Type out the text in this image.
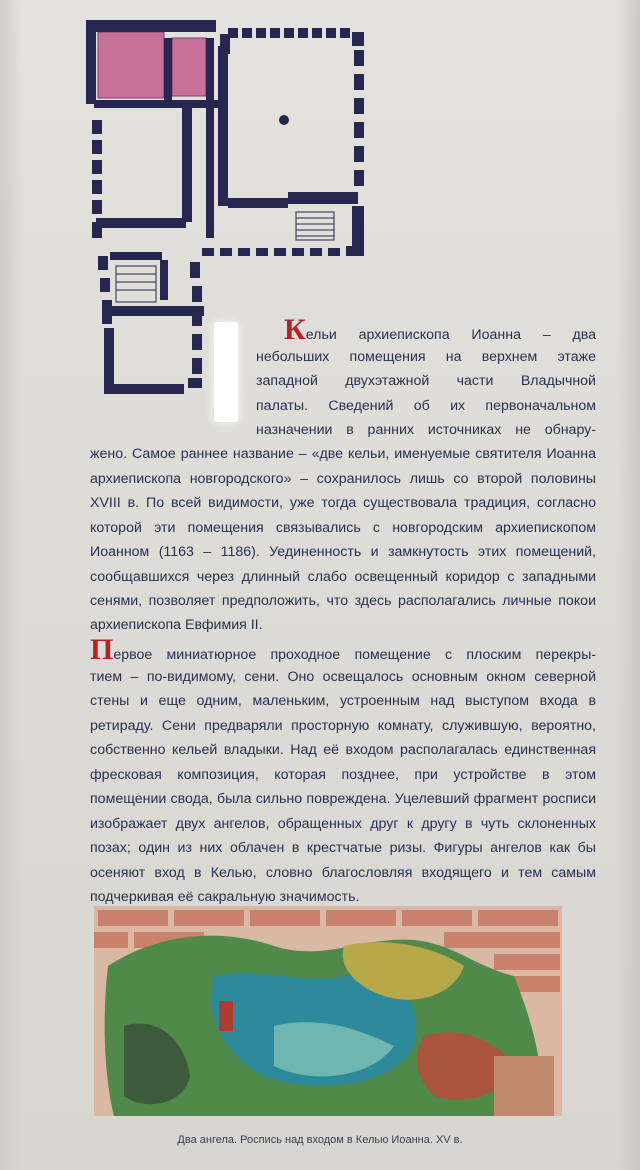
Кельи архиепископа Иоанна – два

небольших помещения на верхнем этаже

западной двухэтажной части Владычной

палаты. Сведений об их первоначальном

назначении в ранних источниках не обнару-

жено. Самое раннее название – «две кельи, именуемые святителя Иоанна

архиепископа новгородского» – сохранилось лишь со второй половины

XVIII в. По всей видимости, уже тогда существовала традиция, согласно

которой эти помещения связывались с новгородским архиепископом

Иоанном (1163 – 1186). Уединенность и замкнутость этих помещений,

сообщавшихся через длинный слабо освещенный коридор с западными

сенями, позволяет предположить, что здесь располагались личные покои

архиепископа Евфимия II.

Первое миниатюрное проходное помещение с плоским перекры-

тием – по-видимому, сени. Оно освещалось основным окном северной

стены и еще одним, маленьким, устроенным над выступом входа в

ретираду. Сени предваряли просторную комнату, служившую, вероятно,

собственно кельей владыки. Над её входом располагалась единственная

фресковая композиция, которая позднее, при устройстве в этом

помещении свода, была сильно повреждена. Уцелевший фрагмент росписи

изображает двух ангелов, обращенных друг к другу в чуть склоненных

позах; один из них облачен в крестчатые ризы. Фигуры ангелов как бы

осеняют вход в Келью, словно благословляя входящего и тем самым

подчеркивая её сакральную значимость.

Два ангела. Роспись над входом в Келью Иоанна. XV в.
